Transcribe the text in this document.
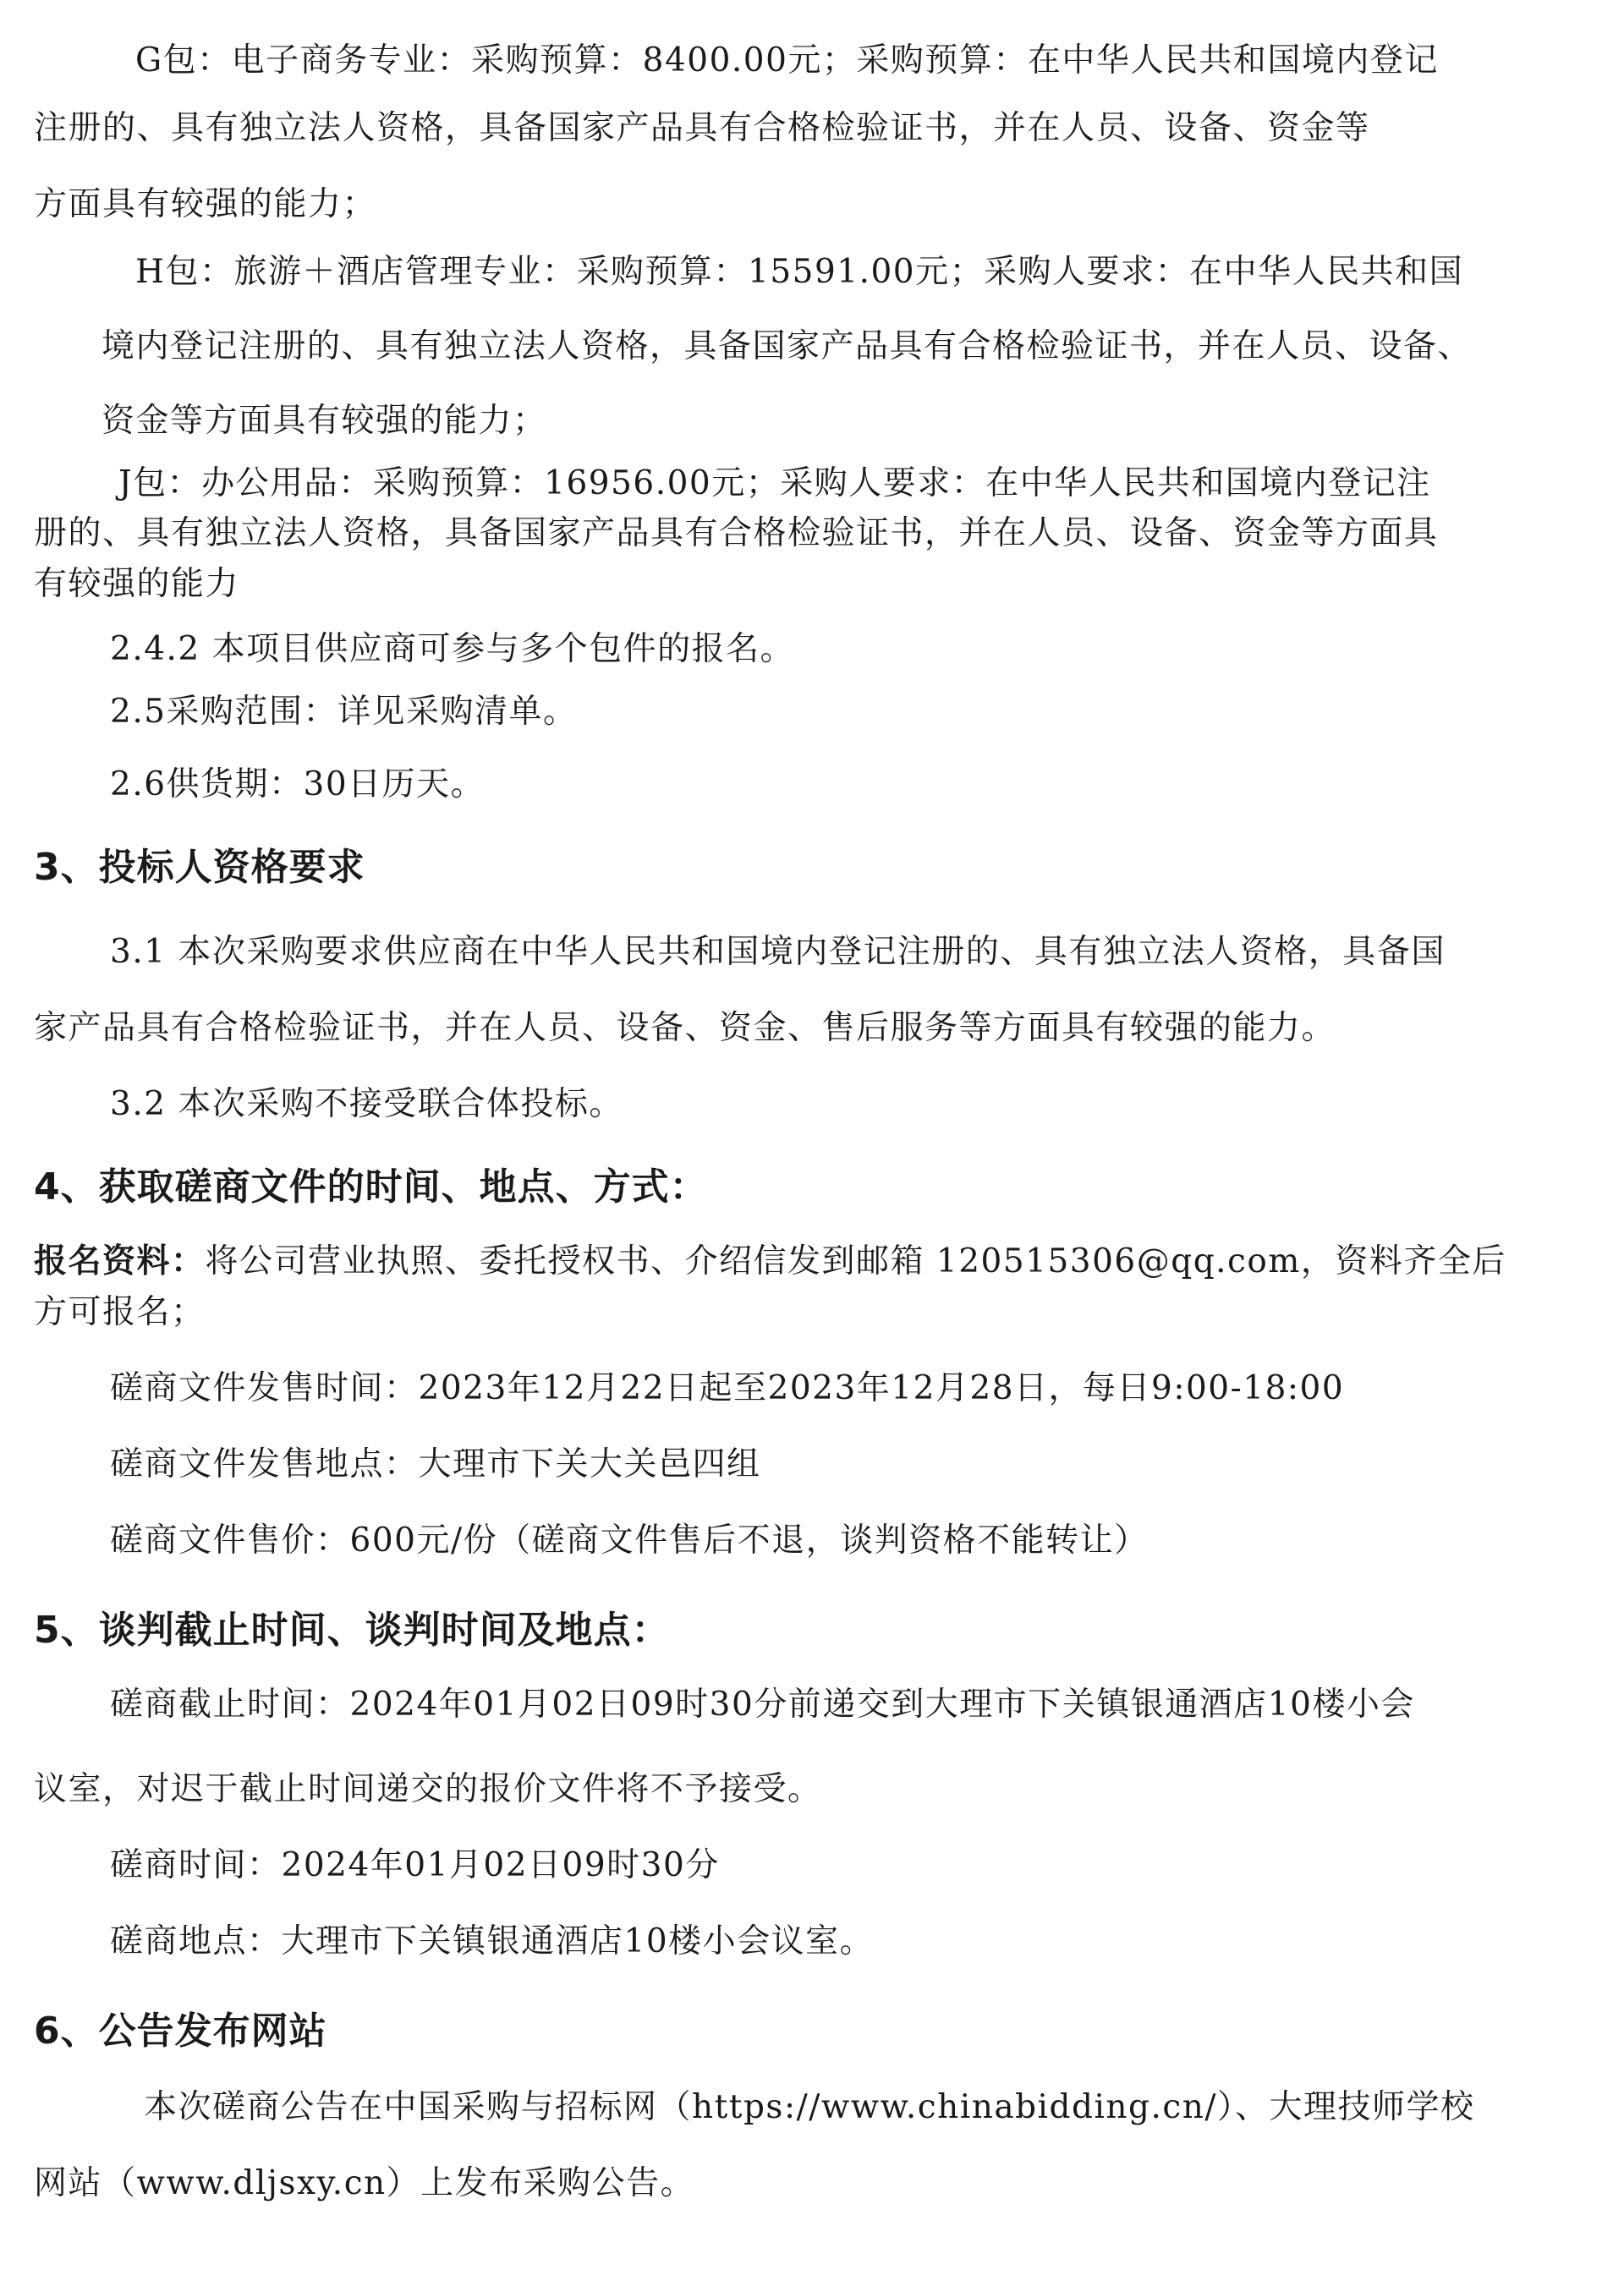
G包：电子商务专业：采购预算：8400.00元；采购预算：在中华人民共和国境内登记

注册的、具有独立法人资格，具备国家产品具有合格检验证书，并在人员、设备、资金等

方面具有较强的能力；

H包：旅游＋酒店管理专业：采购预算：15591.00元；采购人要求：在中华人民共和国

境内登记注册的、具有独立法人资格，具备国家产品具有合格检验证书，并在人员、设备、

资金等方面具有较强的能力；

J包：办公用品：采购预算：16956.00元；采购人要求：在中华人民共和国境内登记注

册的、具有独立法人资格，具备国家产品具有合格检验证书，并在人员、设备、资金等方面具

有较强的能力

2.4.2 本项目供应商可参与多个包件的报名。

2.5采购范围：详见采购清单。

2.6供货期：30日历天。

3、投标人资格要求

3.1 本次采购要求供应商在中华人民共和国境内登记注册的、具有独立法人资格，具备国

家产品具有合格检验证书，并在人员、设备、资金、售后服务等方面具有较强的能力。

3.2 本次采购不接受联合体投标。

4、获取磋商文件的时间、地点、方式：

报名资料：将公司营业执照、委托授权书、介绍信发到邮箱 120515306@qq.com，资料齐全后

方可报名；

磋商文件发售时间：2023年12月22日起至2023年12月28日，每日9:00-18:00

磋商文件发售地点：大理市下关大关邑四组

磋商文件售价：600元/份（磋商文件售后不退，谈判资格不能转让）

5、谈判截止时间、谈判时间及地点：

磋商截止时间：2024年01月02日09时30分前递交到大理市下关镇银通酒店10楼小会

议室，对迟于截止时间递交的报价文件将不予接受。

磋商时间：2024年01月02日09时30分

磋商地点：大理市下关镇银通酒店10楼小会议室。

6、公告发布网站

本次磋商公告在中国采购与招标网（https://www.chinabidding.cn/）、大理技师学校

网站（www.dljsxy.cn）上发布采购公告。
